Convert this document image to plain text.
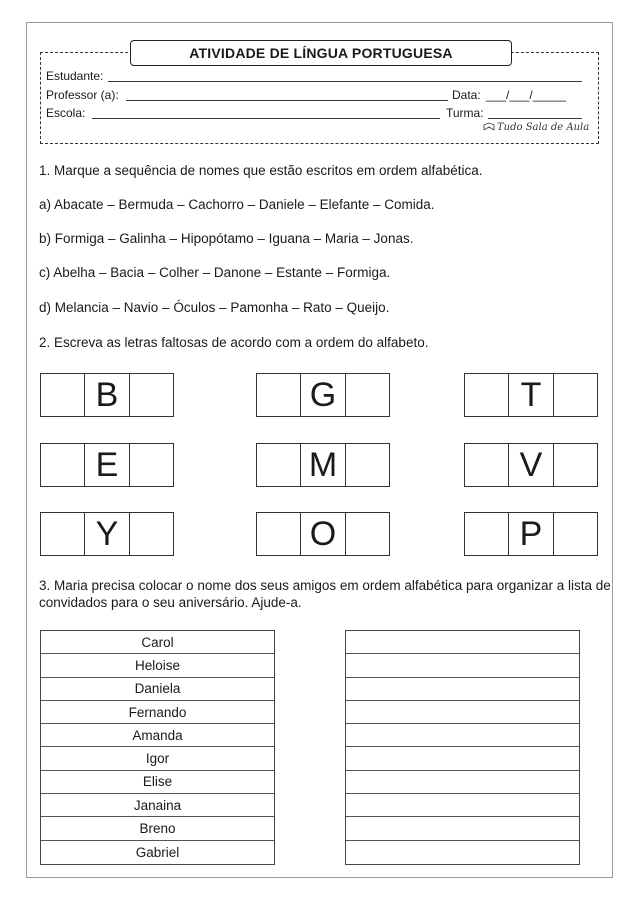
ATIVIDADE DE LÍNGUA PORTUGUESA
Estudante:
Professor (a):	Data: ___/___/_____
Escola:	Turma:
Tudo Sala de Aula
1. Marque a sequência de nomes que estão escritos em ordem alfabética.
a) Abacate – Bermuda – Cachorro – Daniele – Elefante – Comida.
b) Formiga – Galinha – Hipopótamo – Iguana – Maria – Jonas.
c) Abelha – Bacia – Colher – Danone – Estante – Formiga.
d) Melancia – Navio – Óculos – Pamonha – Rato – Queijo.
2. Escreva as letras faltosas de acordo com a ordem do alfabeto.
B	G	T
E	M	V
Y	O	P
3. Maria precisa colocar o nome dos seus amigos em ordem alfabética para organizar a lista de convidados para o seu aniversário. Ajude-a.
Carol
Heloise
Daniela
Fernando
Amanda
Igor
Elise
Janaina
Breno
Gabriel
